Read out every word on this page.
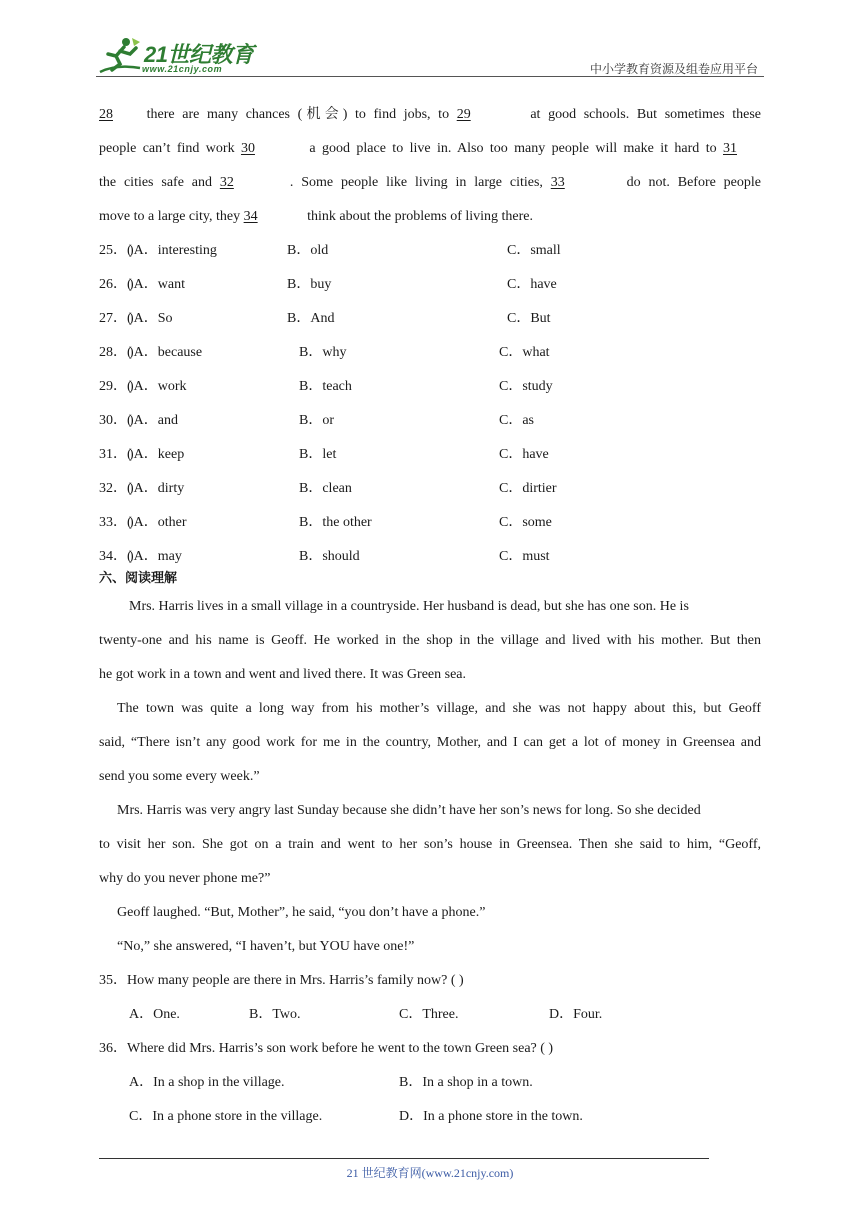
21世纪教育
www.21cnjy.com	中小学教育资源及组卷应用平台
28 there are many chances (机会) to find jobs, to 29	at good schools. But sometimes these
people can’t find work 30	a good place to live in. Also too many people will make it hard to 31
the cities safe and 32	. Some people like living in large cities, 33	do not. Before people
move to a large city, they 34	think about the problems of living there.
25．(
)A．interesting	B．old	C．small
26．(
)A．want	B．buy	C．have
27．(
)A．So	B．And	C．But
28．(
)A．because	B．why	C．what
29．(
)A．work	B．teach	C．study
30．(
)A．and	B．or	C．as
31．(
)A．keep	B．let	C．have
32．(
)A．dirty	B．clean	C．dirtier
33．(
)A．other	B．the other	C．some
34．(
)A．may	B．should	C．must
六、阅读理解
Mrs. Harris lives in a small village in a countryside. Her husband is dead, but she has one son. He is
twenty-one and his name is Geoff. He worked in the shop in the village and lived with his mother. But then
he got work in a town and went and lived there. It was Green sea.
The town was quite a long way from his mother’s village, and she was not happy about this, but Geoff
said, “There isn’t any good work for me in the country, Mother, and I can get a lot of money in Greensea and
send you some every week.”
Mrs. Harris was very angry last Sunday because she didn’t have her son’s news for long. So she decided
to visit her son. She got on a train and went to her son’s house in Greensea. Then she said to him, “Geoff,
why do you never phone me?”
Geoff laughed. “But, Mother”, he said, “you don’t have a phone.”
“No,” she answered, “I haven’t, but YOU have one!”
35．How many people are there in Mrs. Harris’s family now? ( )
A．One.	B．Two.	C．Three.	D．Four.
36．Where did Mrs. Harris’s son work before he went to the town Green sea? ( )
A．In a shop in the village.	B．In a shop in a town.
C．In a phone store in the village.	D．In a phone store in the town.
21 世纪教育网(www.21cnjy.com)
